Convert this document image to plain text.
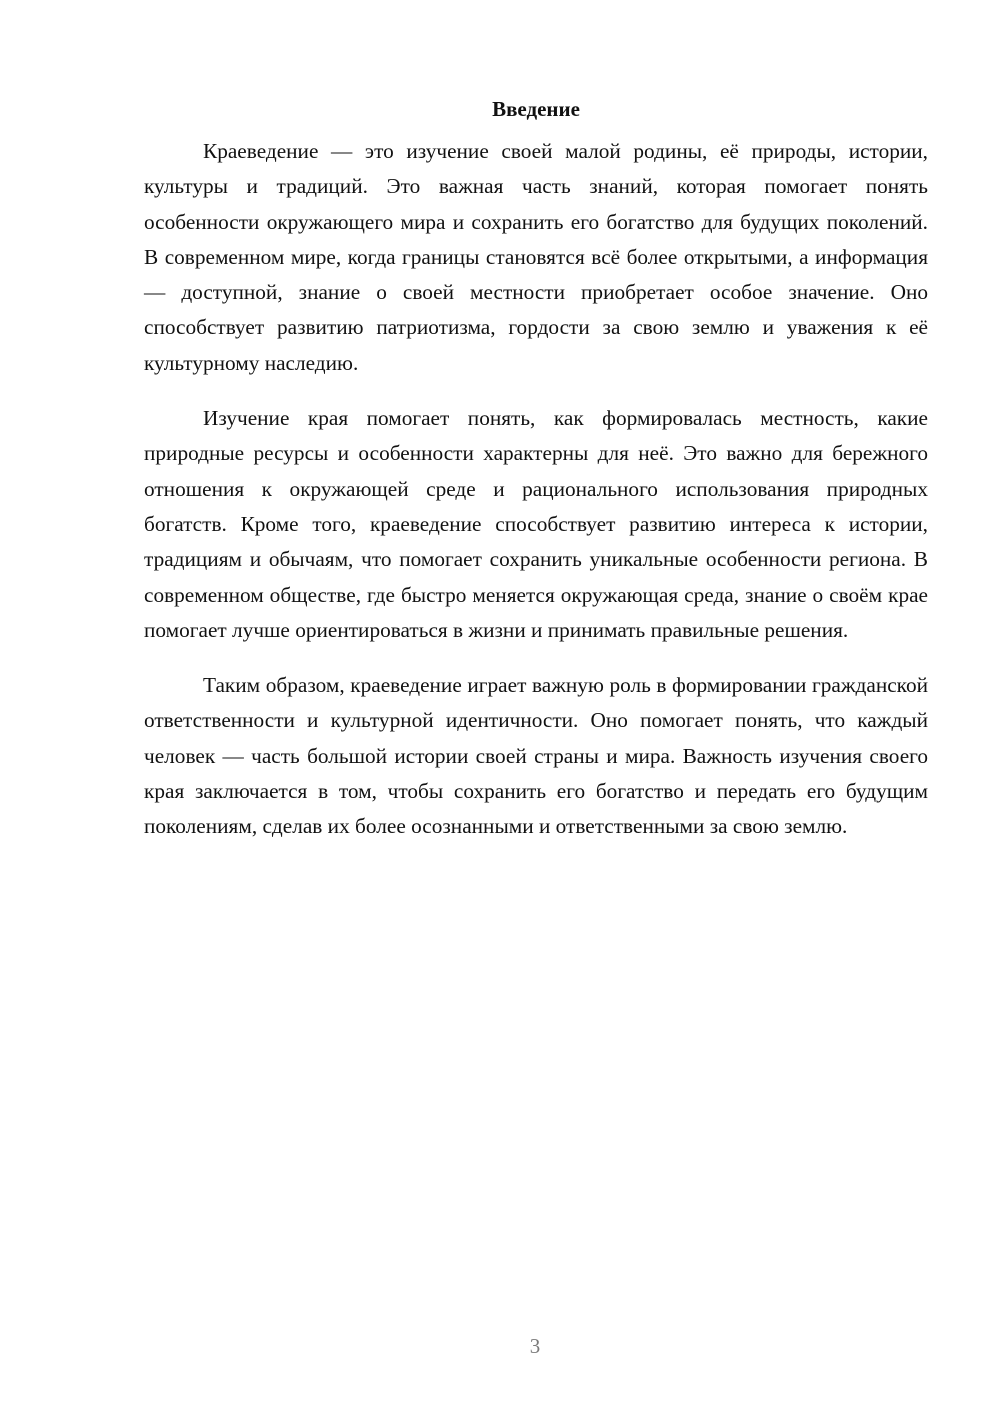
Введение

Краеведение — это изучение своей малой родины, её природы, истории, культуры и традиций. Это важная часть знаний, которая помогает понять особенности окружающего мира и сохранить его богатство для будущих поколений. В современном мире, когда границы становятся всё более открытыми, а информация — доступной, знание о своей местности приобретает особое значение. Оно способствует развитию патриотизма, гордости за свою землю и уважения к её культурному наследию.

Изучение края помогает понять, как формировалась местность, какие природные ресурсы и особенности характерны для неё. Это важно для бережного отношения к окружающей среде и рационального использования природных богатств. Кроме того, краеведение способствует развитию интереса к истории, традициям и обычаям, что помогает сохранить уникальные особенности региона. В современном обществе, где быстро меняется окружающая среда, знание о своём крае помогает лучше ориентироваться в жизни и принимать правильные решения.

Таким образом, краеведение играет важную роль в формировании гражданской ответственности и культурной идентичности. Оно помогает понять, что каждый человек — часть большой истории своей страны и мира. Важность изучения своего края заключается в том, чтобы сохранить его богатство и передать его будущим поколениям, сделав их более осознанными и ответственными за свою землю.

3
